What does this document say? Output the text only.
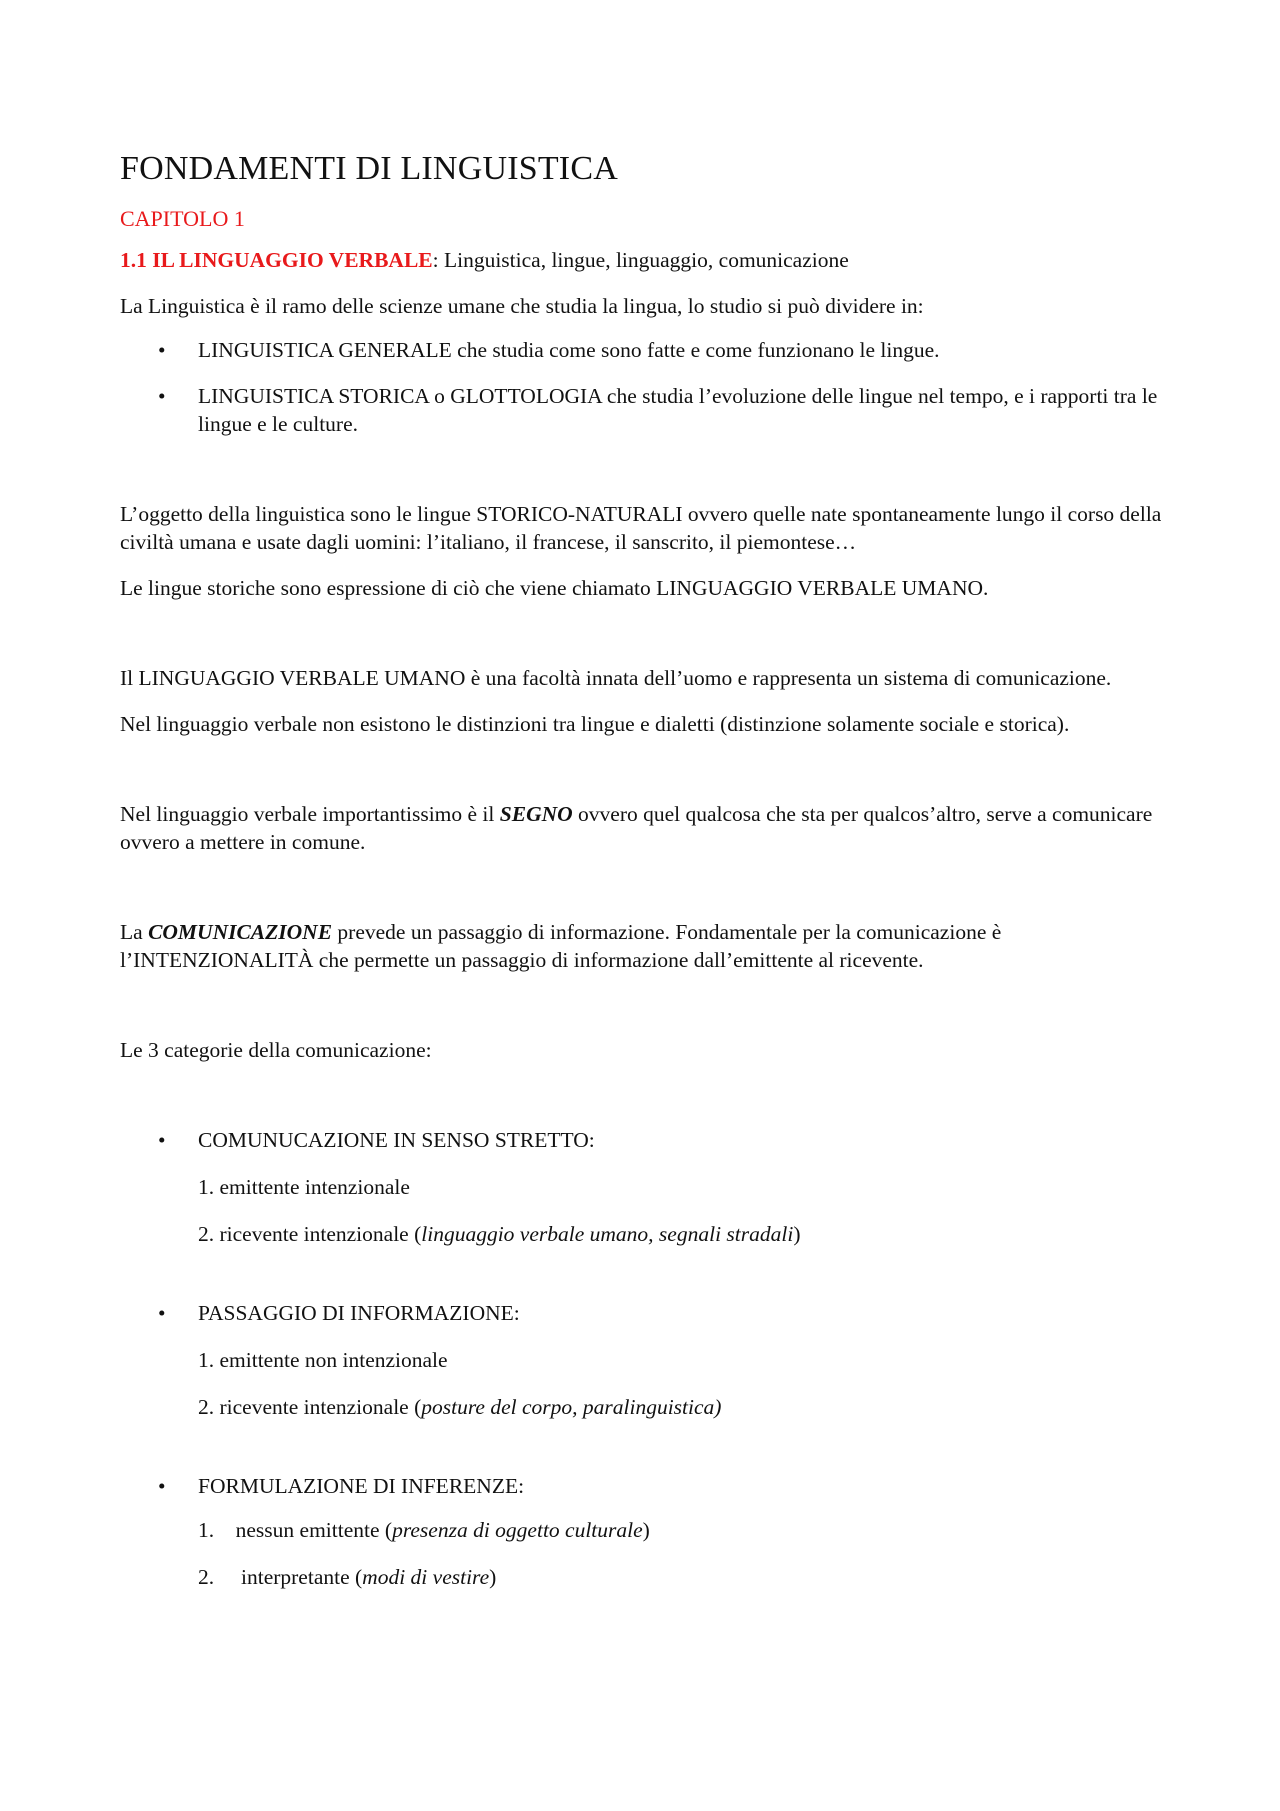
FONDAMENTI DI LINGUISTICA
CAPITOLO 1

1.1 IL LINGUAGGIO VERBALE: Linguistica, lingue, linguaggio, comunicazione

La Linguistica è il ramo delle scienze umane che studia la lingua, lo studio si può dividere in:

• LINGUISTICA GENERALE che studia come sono fatte e come funzionano le lingue.
• LINGUISTICA STORICA o GLOTTOLOGIA che studia l’evoluzione delle lingue nel tempo, e i rapporti tra le lingue e le culture.

L’oggetto della linguistica sono le lingue STORICO-NATURALI ovvero quelle nate spontaneamente lungo il corso della civiltà umana e usate dagli uomini: l’italiano, il francese, il sanscrito, il piemontese…

Le lingue storiche sono espressione di ciò che viene chiamato LINGUAGGIO VERBALE UMANO.

Il LINGUAGGIO VERBALE UMANO è una facoltà innata dell’uomo e rappresenta un sistema di comunicazione.

Nel linguaggio verbale non esistono le distinzioni tra lingue e dialetti (distinzione solamente sociale e storica).

Nel linguaggio verbale importantissimo è il SEGNO ovvero quel qualcosa che sta per qualcos’altro, serve a comunicare ovvero a mettere in comune.

La COMUNICAZIONE prevede un passaggio di informazione. Fondamentale per la comunicazione è l’INTENZIONALITÀ che permette un passaggio di informazione dall’emittente al ricevente.

Le 3 categorie della comunicazione:

• COMUNUCAZIONE IN SENSO STRETTO:
1. emittente intenzionale
2. ricevente intenzionale (linguaggio verbale umano, segnali stradali)
• PASSAGGIO DI INFORMAZIONE:
1. emittente non intenzionale
2. ricevente intenzionale (posture del corpo, paralinguistica)
• FORMULAZIONE DI INFERENZE:
1.    nessun emittente (presenza di oggetto culturale)
2.     interpretante (modi di vestire)
